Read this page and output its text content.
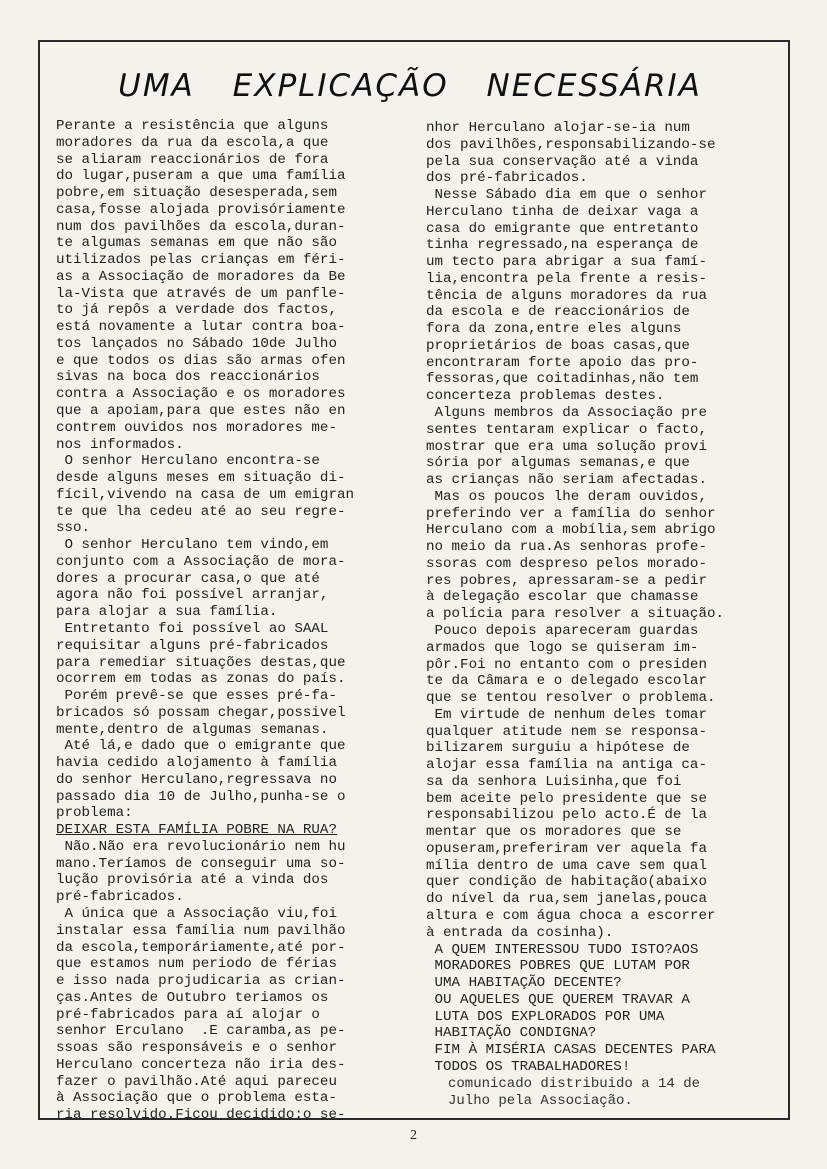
UMA EXPLICAÇÃO NECESSÁRIA
Perante a resistência que alguns
moradores da rua da escola,a que
se aliaram reaccionários de fora
do lugar,puseram a que uma família
pobre,em situação desesperada,sem
casa,fosse alojada provisóriamente
num dos pavilhões da escola,duran-
te algumas semanas em que não são
utilizados pelas crianças em féri-
as a Associação de moradores da Be
la-Vista que através de um panfle-
to já repôs a verdade dos factos,
está novamente a lutar contra boa-
tos lançados no Sábado 10de Julho
e que todos os dias são armas ofen
sivas na boca dos reaccionários
contra a Associação e os moradores
que a apoiam,para que estes não en
contrem ouvidos nos moradores me-
nos informados.
O senhor Herculano encontra-se
desde alguns meses em situação di-
fícil,vivendo na casa de um emigran
te que lha cedeu até ao seu regre-
sso.
O senhor Herculano tem vindo,em
conjunto com a Associação de mora-
dores a procurar casa,o que até
agora não foi possível arranjar,
para alojar a sua família.
Entretanto foi possível ao SAAL
requisitar alguns pré-fabricados
para remediar situações destas,que
ocorrem em todas as zonas do país.
Porém prevê-se que esses pré-fa-
bricados só possam chegar,possivel
mente,dentro de algumas semanas.
Até lá,e dado que o emigrante que
havia cedido alojamento à família
do senhor Herculano,regressava no
passado dia 10 de Julho,punha-se o
problema:
DEIXAR ESTA FAMÍLIA POBRE NA RUA?
Não.Não era revolucionário nem hu
mano.Teríamos de conseguir uma so-
lução provisória até a vinda dos
pré-fabricados.
A única que a Associação viu,foi
instalar essa família num pavilhão
da escola,temporáriamente,até por-
que estamos num periodo de férias
e isso nada projudicaria as crian-
ças.Antes de Outubro teriamos os
pré-fabricados para aí alojar o
senhor Erculano  .E caramba,as pe-
ssoas são responsáveis e o senhor
Herculano concerteza não iria des-
fazer o pavilhão.Até aqui pareceu
à Associação que o problema esta-
ria resolvido.Ficou decidido:o se-
nhor Herculano alojar-se-ia num
dos pavilhões,responsabilizando-se
pela sua conservação até a vinda
dos pré-fabricados.
Nesse Sábado dia em que o senhor
Herculano tinha de deixar vaga a
casa do emigrante que entretanto
tinha regressado,na esperança de
um tecto para abrigar a sua famí-
lia,encontra pela frente a resis-
tência de alguns moradores da rua
da escola e de reaccionários de
fora da zona,entre eles alguns
proprietários de boas casas,que
encontraram forte apoio das pro-
fessoras,que coitadinhas,não tem
concerteza problemas destes.
Alguns membros da Associação pre
sentes tentaram explicar o facto,
mostrar que era uma solução provi
sória por algumas semanas,e que
as crianças não seriam afectadas.
Mas os poucos lhe deram ouvidos,
preferindo ver a família do senhor
Herculano com a mobília,sem abrigo
no meio da rua.As senhoras profe-
ssoras com despreso pelos morado-
res pobres, apressaram-se a pedir
à delegação escolar que chamasse
a polícia para resolver a situação.
Pouco depois apareceram guardas
armados que logo se quiseram im-
pôr.Foi no entanto com o presiden
te da Câmara e o delegado escolar
que se tentou resolver o problema.
Em virtude de nenhum deles tomar
qualquer atitude nem se responsa-
bilizarem surguiu a hipótese de
alojar essa família na antiga ca-
sa da senhora Luisinha,que foi
bem aceite pelo presidente que se
responsabilizou pelo acto.É de la
mentar que os moradores que se
opuseram,preferiram ver aquela fa
mília dentro de uma cave sem qual
quer condição de habitação(abaixo
do nível da rua,sem janelas,pouca
altura e com água choca a escorrer
à entrada da cosinha).
A QUEM INTERESSOU TUDO ISTO?AOS
MORADORES POBRES QUE LUTAM POR
UMA HABITAÇÃO DECENTE?
OU AQUELES QUE QUEREM TRAVAR A
LUTA DOS EXPLORADOS POR UMA
HABITAÇÃO CONDIGNA?
FIM À MISÉRIA CASAS DECENTES PARA
TODOS OS TRABALHADORES!
comunicado distribuido a 14 de
Julho pela Associação.
2
